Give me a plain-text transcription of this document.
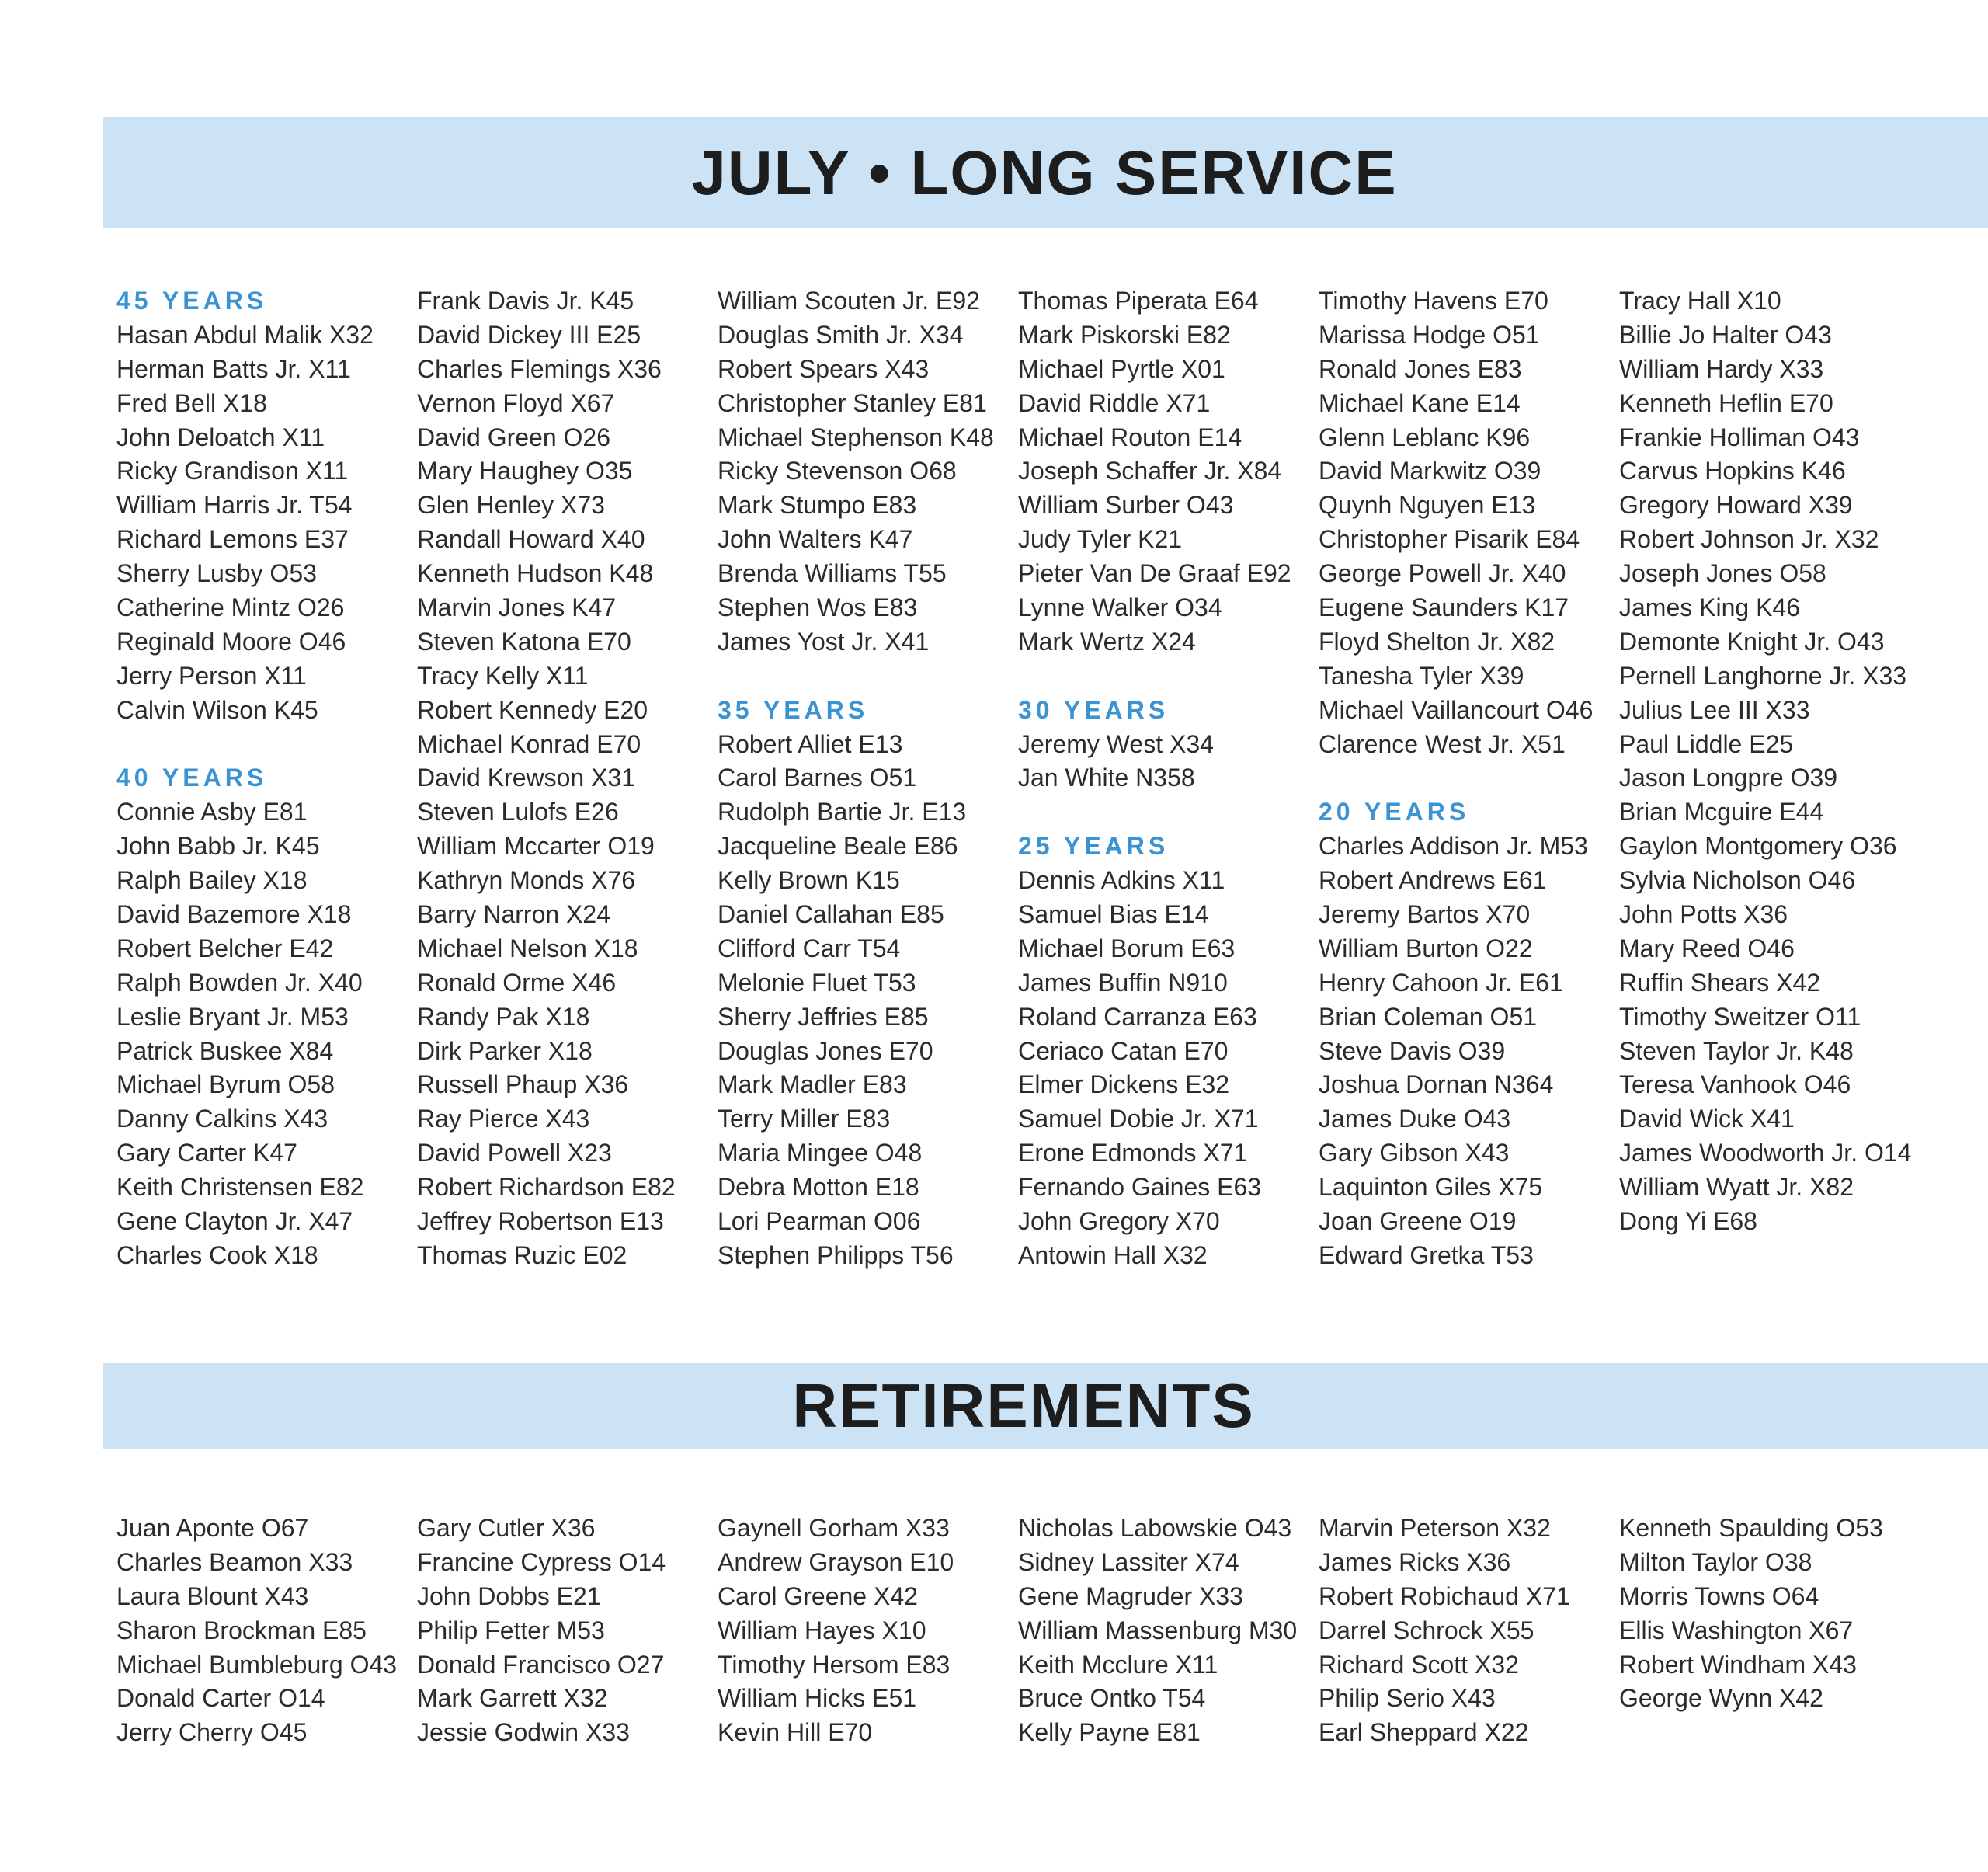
JULY • LONG SERVICE
45 YEARS
Hasan Abdul Malik X32
Herman Batts Jr. X11
Fred Bell X18
John Deloatch X11
Ricky Grandison X11
William Harris Jr. T54
Richard Lemons E37
Sherry Lusby O53
Catherine Mintz O26
Reginald Moore O46
Jerry Person X11
Calvin Wilson K45
40 YEARS
Connie Asby E81
John Babb Jr. K45
Ralph Bailey X18
David Bazemore X18
Robert Belcher E42
Ralph Bowden Jr. X40
Leslie Bryant Jr. M53
Patrick Buskee X84
Michael Byrum O58
Danny Calkins X43
Gary Carter K47
Keith Christensen E82
Gene Clayton Jr. X47
Charles Cook X18
Frank Davis Jr. K45
David Dickey III E25
Charles Flemings X36
Vernon Floyd X67
David Green O26
Mary Haughey O35
Glen Henley X73
Randall Howard X40
Kenneth Hudson K48
Marvin Jones K47
Steven Katona E70
Tracy Kelly X11
Robert Kennedy E20
Michael Konrad E70
David Krewson X31
Steven Lulofs E26
William Mccarter O19
Kathryn Monds X76
Barry Narron X24
Michael Nelson X18
Ronald Orme X46
Randy Pak X18
Dirk Parker X18
Russell Phaup X36
Ray Pierce X43
David Powell X23
Robert Richardson E82
Jeffrey Robertson E13
Thomas Ruzic E02
William Scouten Jr. E92
Douglas Smith Jr. X34
Robert Spears X43
Christopher Stanley E81
Michael Stephenson K48
Ricky Stevenson O68
Mark Stumpo E83
John Walters K47
Brenda Williams T55
Stephen Wos E83
James Yost Jr. X41
35 YEARS
Robert Alliet E13
Carol Barnes O51
Rudolph Bartie Jr. E13
Jacqueline Beale E86
Kelly Brown K15
Daniel Callahan E85
Clifford Carr T54
Melonie Fluet T53
Sherry Jeffries E85
Douglas Jones E70
Mark Madler E83
Terry Miller E83
Maria Mingee O48
Debra Motton E18
Lori Pearman O06
Stephen Philipps T56
Thomas Piperata E64
Mark Piskorski E82
Michael Pyrtle X01
David Riddle X71
Michael Routon E14
Joseph Schaffer Jr. X84
William Surber O43
Judy Tyler K21
Pieter Van De Graaf E92
Lynne Walker O34
Mark Wertz X24
30 YEARS
Jeremy West X34
Jan White N358
25 YEARS
Dennis Adkins X11
Samuel Bias E14
Michael Borum E63
James Buffin N910
Roland Carranza E63
Ceriaco Catan E70
Elmer Dickens E32
Samuel Dobie Jr. X71
Erone Edmonds X71
Fernando Gaines E63
John Gregory X70
Antowin Hall X32
Timothy Havens E70
Marissa Hodge O51
Ronald Jones E83
Michael Kane E14
Glenn Leblanc K96
David Markwitz O39
Quynh Nguyen E13
Christopher Pisarik E84
George Powell Jr. X40
Eugene Saunders K17
Floyd Shelton Jr. X82
Tanesha Tyler X39
Michael Vaillancourt O46
Clarence West Jr. X51
20 YEARS
Charles Addison Jr. M53
Robert Andrews E61
Jeremy Bartos X70
William Burton O22
Henry Cahoon Jr. E61
Brian Coleman O51
Steve Davis O39
Joshua Dornan N364
James Duke O43
Gary Gibson X43
Laquinton Giles X75
Joan Greene O19
Edward Gretka T53
Tracy Hall X10
Billie Jo Halter O43
William Hardy X33
Kenneth Heflin E70
Frankie Holliman O43
Carvus Hopkins K46
Gregory Howard X39
Robert Johnson Jr. X32
Joseph Jones O58
James King K46
Demonte Knight Jr. O43
Pernell Langhorne Jr. X33
Julius Lee III X33
Paul Liddle E25
Jason Longpre O39
Brian Mcguire E44
Gaylon Montgomery O36
Sylvia Nicholson O46
John Potts X36
Mary Reed O46
Ruffin Shears X42
Timothy Sweitzer O11
Steven Taylor Jr. K48
Teresa Vanhook O46
David Wick X41
James Woodworth Jr. O14
William Wyatt Jr. X82
Dong Yi E68
RETIREMENTS
Juan Aponte O67
Charles Beamon X33
Laura Blount X43
Sharon Brockman E85
Michael Bumbleburg O43
Donald Carter O14
Jerry Cherry O45
Gary Cutler X36
Francine Cypress O14
John Dobbs E21
Philip Fetter M53
Donald Francisco O27
Mark Garrett X32
Jessie Godwin X33
Gaynell Gorham X33
Andrew Grayson E10
Carol Greene X42
William Hayes X10
Timothy Hersom E83
William Hicks E51
Kevin Hill E70
Nicholas Labowskie O43
Sidney Lassiter X74
Gene Magruder X33
William Massenburg M30
Keith Mcclure X11
Bruce Ontko T54
Kelly Payne E81
Marvin Peterson X32
James Ricks X36
Robert Robichaud X71
Darrel Schrock X55
Richard Scott X32
Philip Serio X43
Earl Sheppard X22
Kenneth Spaulding O53
Milton Taylor O38
Morris Towns O64
Ellis Washington X67
Robert Windham X43
George Wynn X42
